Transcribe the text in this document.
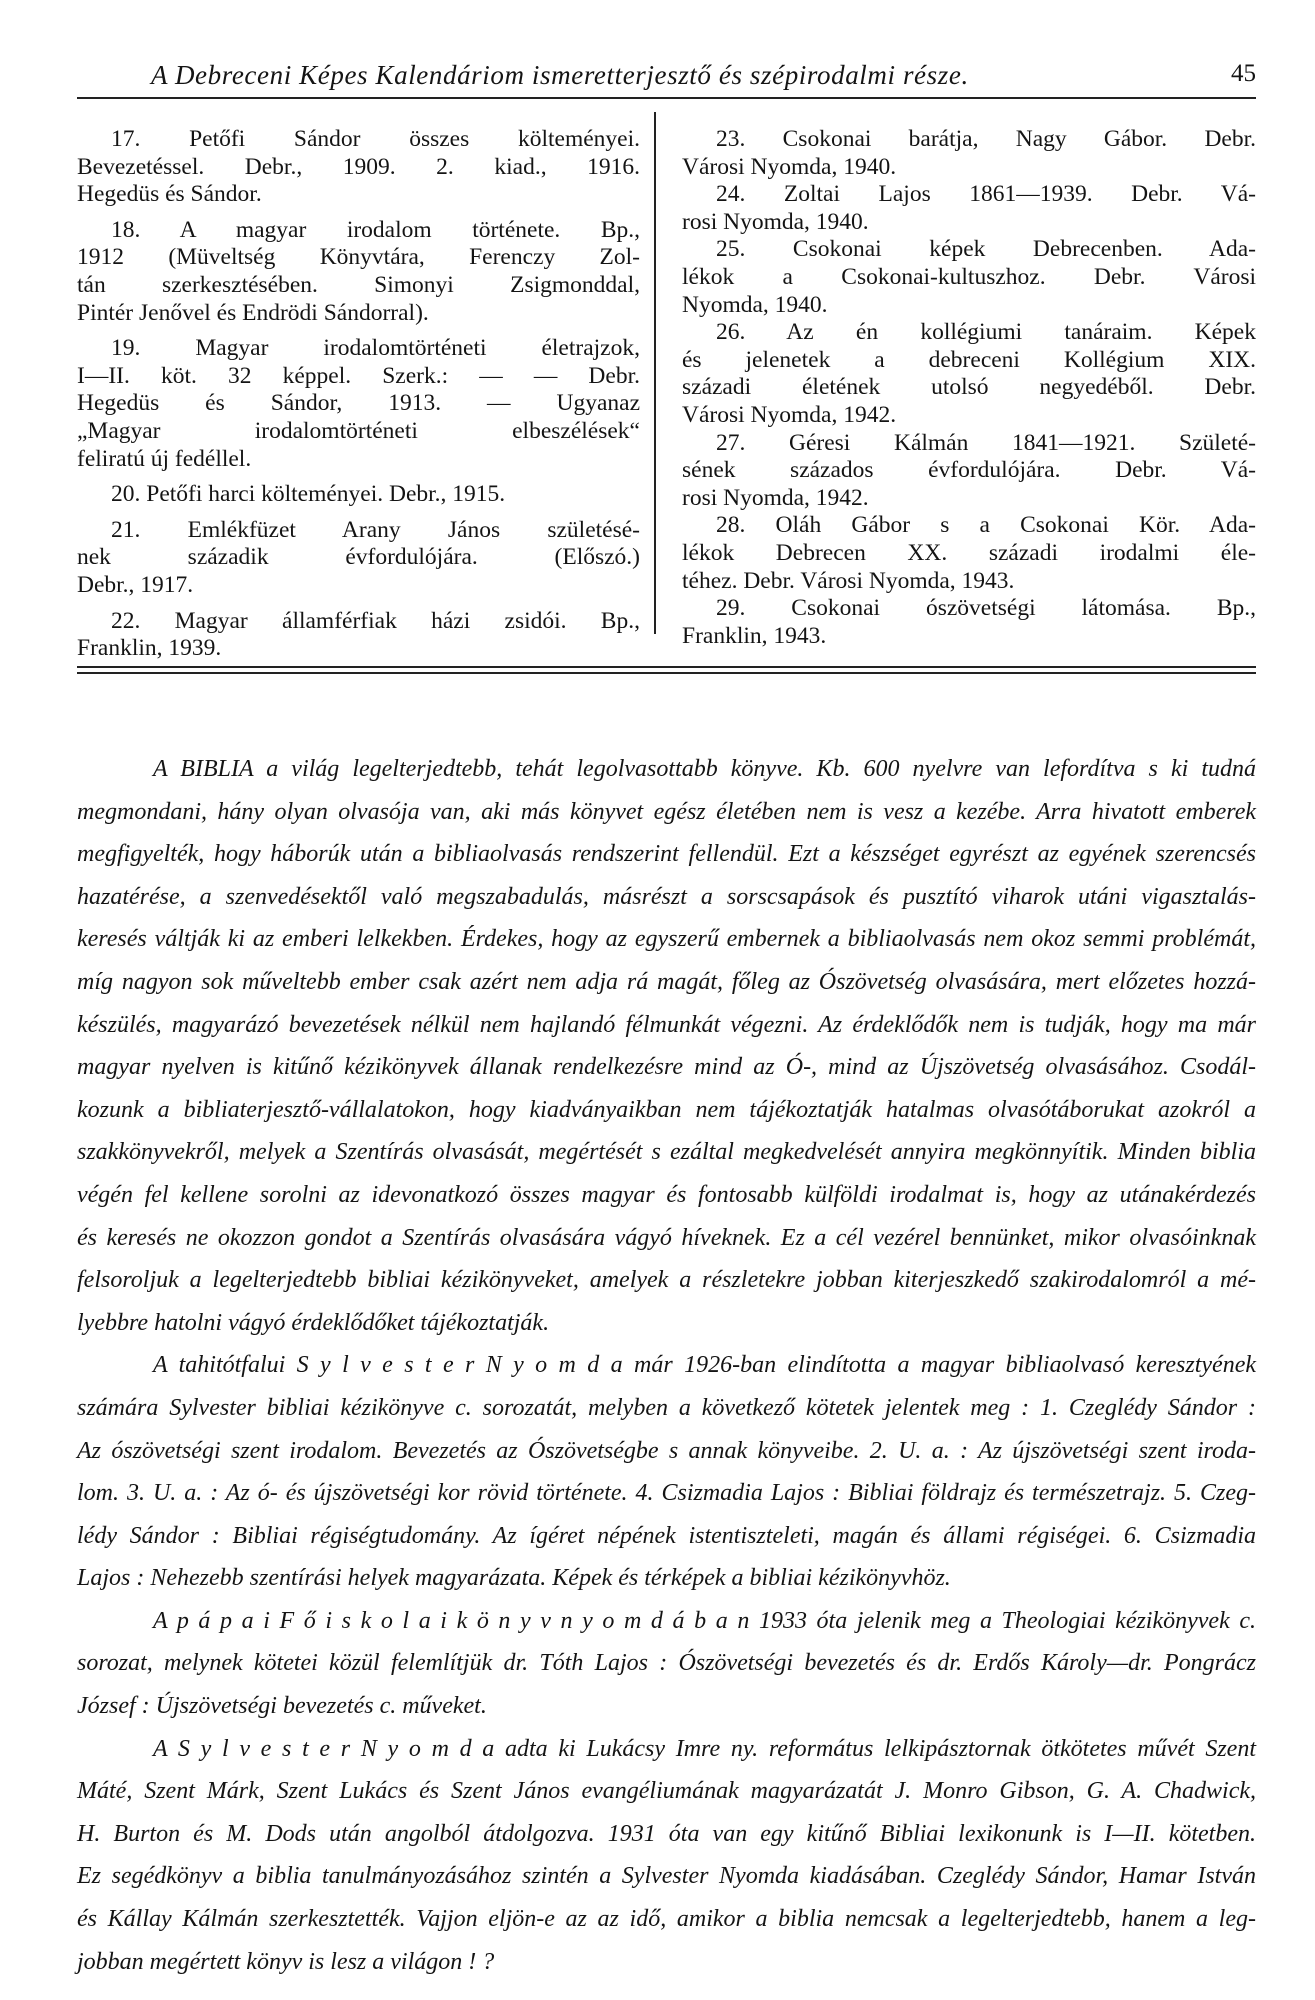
A Debreceni Képes Kalendáriom ismeretterjesztő és szépirodalmi része.	45
17. Petőfi Sándor összes költeményei.
Bevezetéssel. Debr., 1909. 2. kiad., 1916.
Hegedüs és Sándor.
18. A magyar irodalom története. Bp.,
1912 (Müveltség Könyvtára, Ferenczy Zol-
tán szerkesztésében. Simonyi Zsigmonddal,
Pintér Jenővel és Endrödi Sándorral).
19. Magyar irodalomtörténeti életrajzok,
I—II. köt. 32 képpel. Szerk.: — — Debr.
Hegedüs és Sándor, 1913. — Ugyanaz
„Magyar irodalomtörténeti elbeszélések“
feliratú új fedéllel.
20. Petőfi harci költeményei. Debr., 1915.
21. Emlékfüzet Arany János születésé-
nek századik évfordulójára. (Előszó.)
Debr., 1917.
22. Magyar államférfiak házi zsidói. Bp.,
Franklin, 1939.
23. Csokonai barátja, Nagy Gábor. Debr.
Városi Nyomda, 1940.
24. Zoltai Lajos 1861—1939. Debr. Vá-
rosi Nyomda, 1940.
25. Csokonai képek Debrecenben. Ada-
lékok a Csokonai-kultuszhoz. Debr. Városi
Nyomda, 1940.
26. Az én kollégiumi tanáraim. Képek
és jelenetek a debreceni Kollégium XIX.
századi életének utolsó negyedéből. Debr.
Városi Nyomda, 1942.
27. Géresi Kálmán 1841—1921. Születé-
sének százados évfordulójára. Debr. Vá-
rosi Nyomda, 1942.
28. Oláh Gábor s a Csokonai Kör. Ada-
lékok Debrecen XX. századi irodalmi éle-
téhez. Debr. Városi Nyomda, 1943.
29. Csokonai ószövetségi látomása. Bp.,
Franklin, 1943.
A BIBLIA a világ legelterjedtebb, tehát legolvasottabb könyve. Kb. 600 nyelvre van lefordítva s ki tudná
megmondani, hány olyan olvasója van, aki más könyvet egész életében nem is vesz a kezébe. Arra hivatott emberek
megfigyelték, hogy háborúk után a bibliaolvasás rendszerint fellendül. Ezt a készséget egyrészt az egyének szerencsés
hazatérése, a szenvedésektől való megszabadulás, másrészt a sorscsapások és pusztító viharok utáni vigasztalás-
keresés váltják ki az emberi lelkekben. Érdekes, hogy az egyszerű embernek a bibliaolvasás nem okoz semmi problémát,
míg nagyon sok műveltebb ember csak azért nem adja rá magát, főleg az Ószövetség olvasására, mert előzetes hozzá-
készülés, magyarázó bevezetések nélkül nem hajlandó félmunkát végezni. Az érdeklődők nem is tudják, hogy ma már
magyar nyelven is kitűnő kézikönyvek állanak rendelkezésre mind az Ó-, mind az Újszövetség olvasásához. Csodál-
kozunk a bibliaterjesztő-vállalatokon, hogy kiadványaikban nem tájékoztatják hatalmas olvasótáborukat azokról a
szakkönyvekről, melyek a Szentírás olvasását, megértését s ezáltal megkedvelését annyira megkönnyítik. Minden biblia
végén fel kellene sorolni az idevonatkozó összes magyar és fontosabb külföldi irodalmat is, hogy az utánakérdezés
és keresés ne okozzon gondot a Szentírás olvasására vágyó híveknek. Ez a cél vezérel bennünket, mikor olvasóinknak
felsoroljuk a legelterjedtebb bibliai kézikönyveket, amelyek a részletekre jobban kiterjeszkedő szakirodalomról a mé-
lyebbre hatolni vágyó érdeklődőket tájékoztatják.
A tahitótfalui S y l v e s t e r N y o m d a már 1926-ban elindította a magyar bibliaolvasó keresztyének
számára Sylvester bibliai kézikönyve c. sorozatát, melyben a következő kötetek jelentek meg : 1. Czeglédy Sándor :
Az ószövetségi szent irodalom. Bevezetés az Ószövetségbe s annak könyveibe. 2. U. a. : Az újszövetségi szent iroda-
lom. 3. U. a. : Az ó- és újszövetségi kor rövid története. 4. Csizmadia Lajos : Bibliai földrajz és természetrajz. 5. Czeg-
lédy Sándor : Bibliai régiségtudomány. Az ígéret népének istentiszteleti, magán és állami régiségei. 6. Csizmadia
Lajos : Nehezebb szentírási helyek magyarázata. Képek és térképek a bibliai kézikönyvhöz.
A p á p a i F ő i s k o l a i k ö n y v n y o m d á b a n 1933 óta jelenik meg a Theologiai kézikönyvek c.
sorozat, melynek kötetei közül felemlítjük dr. Tóth Lajos : Ószövetségi bevezetés és dr. Erdős Károly—dr. Pongrácz
József : Újszövetségi bevezetés c. műveket.
A S y l v e s t e r N y o m d a adta ki Lukácsy Imre ny. református lelkipásztornak ötkötetes művét Szent
Máté, Szent Márk, Szent Lukács és Szent János evangéliumának magyarázatát J. Monro Gibson, G. A. Chadwick,
H. Burton és M. Dods után angolból átdolgozva. 1931 óta van egy kitűnő Bibliai lexikonunk is I—II. kötetben.
Ez segédkönyv a biblia tanulmányozásához szintén a Sylvester Nyomda kiadásában. Czeglédy Sándor, Hamar István
és Kállay Kálmán szerkesztették. Vajjon eljön-e az az idő, amikor a biblia nemcsak a legelterjedtebb, hanem a leg-
jobban megértett könyv is lesz a világon ! ?
